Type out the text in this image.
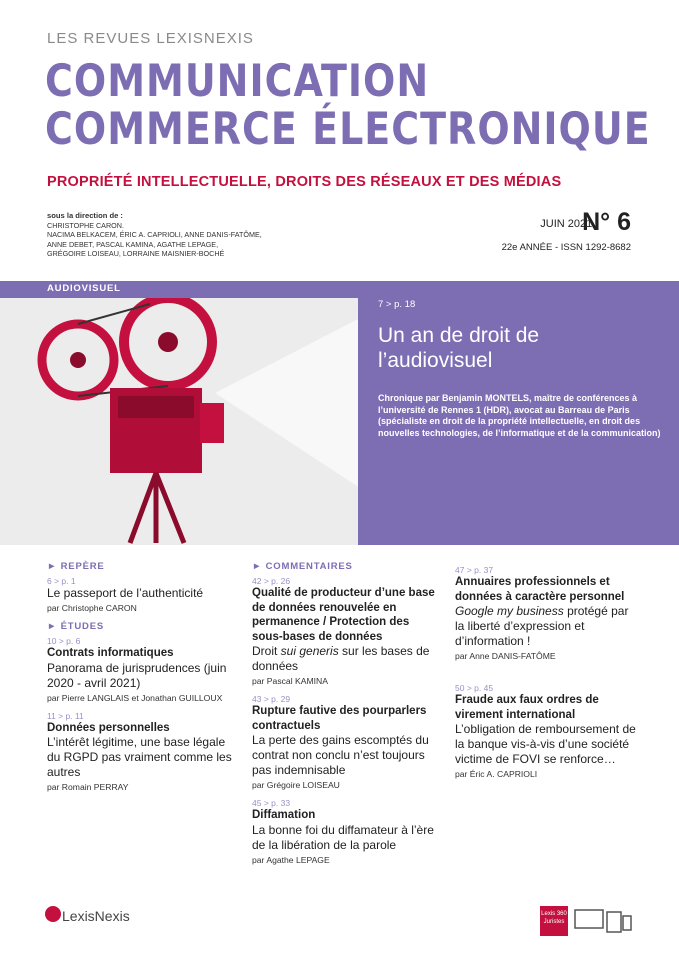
LES REVUES LEXISNEXIS
COMMUNICATION
COMMERCE ÉLECTRONIQUE
PROPRIÉTÉ INTELLECTUELLE, DROITS DES RÉSEAUX ET DES MÉDIAS
sous la direction de :
CHRISTOPHE CARON.
NACIMA BELKACEM, ÉRIC A. CAPRIOLI, ANNE DANIS-FATÔME,
ANNE DEBET, PASCAL KAMINA, AGATHE LEPAGE,
GRÉGOIRE LOISEAU, LORRAINE MAISNIER-BOCHÉ
JUIN 2021 -
N° 6
22e ANNÉE - ISSN 1292-8682
AUDIOVISUEL
7 > p. 18
Un an de droit de l’audiovisuel
Chronique par Benjamin MONTELS, maître de conférences à l’université de Rennes 1 (HDR), avocat au Barreau de Paris (spécialiste en droit de la propriété intellectuelle, en droit des nouvelles technologies, de l’informatique et de la communication)
► REPÈRE
6 > p. 1
Le passeport de l’authenticité
par Christophe CARON
► ÉTUDES
10 > p. 6
Contrats informatiques
Panorama de jurisprudences (juin 2020 - avril 2021)
par Pierre LANGLAIS et Jonathan GUILLOUX
11 > p. 11
Données personnelles
L’intérêt légitime, une base légale du RGPD pas vraiment comme les autres
par Romain PERRAY
► COMMENTAIRES
42 > p. 26
Qualité de producteur d’une base de données renouvelée en permanence / Protection des sous-bases de données
Droit sui generis sur les bases de données
par Pascal KAMINA
43 > p. 29
Rupture fautive des pourparlers contractuels
La perte des gains escomptés du contrat non conclu n’est toujours pas indemnisable
par Grégoire LOISEAU
45 > p. 33
Diffamation
La bonne foi du diffamateur à l’ère de la libération de la parole
par Agathe LEPAGE
47 > p. 37
Annuaires professionnels et données à caractère personnel
Google my business protégé par la liberté d’expression et d’information !
par Anne DANIS-FATÔME
50 > p. 45
Fraude aux faux ordres de virement international
L’obligation de remboursement de la banque vis-à-vis d’une société victime de FOVI se renforce…
par Éric A. CAPRIOLI
LexisNexis	Lexis 360 Juristes
